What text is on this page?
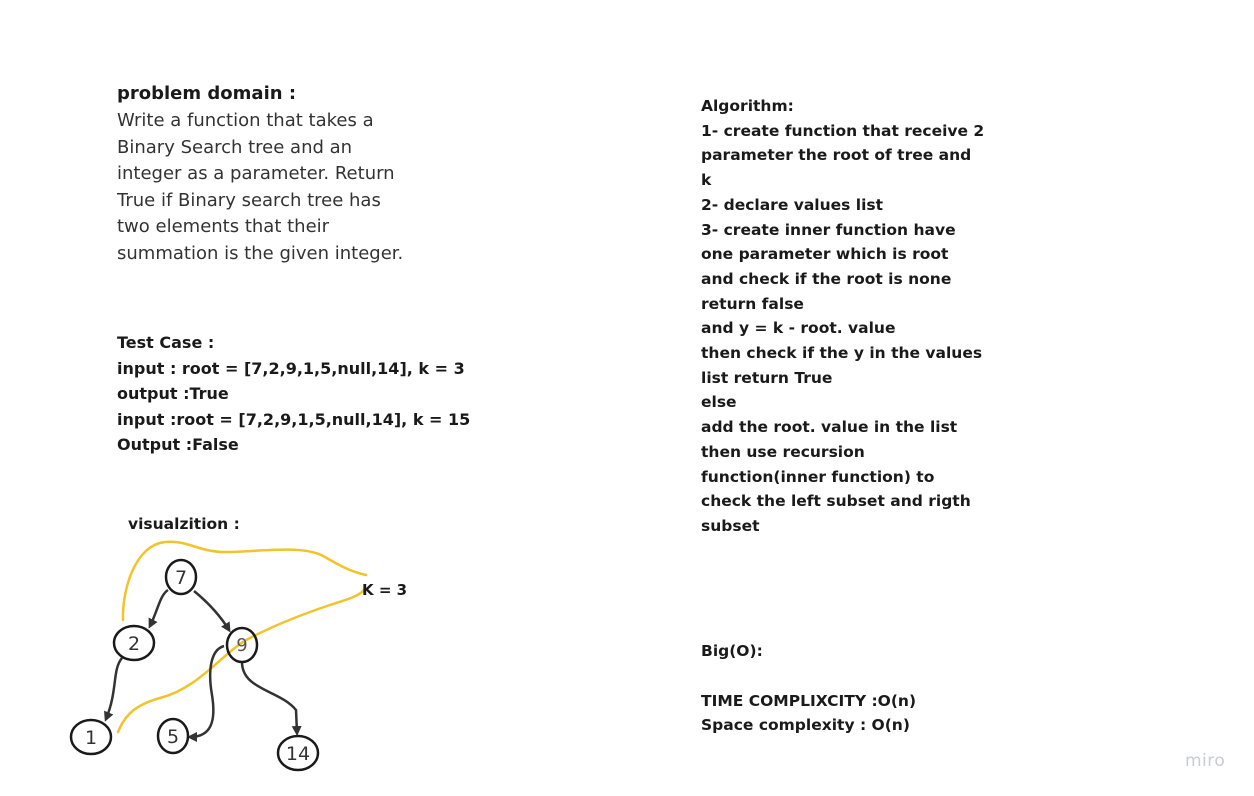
problem domain :
Write a function that takes a
Binary Search tree and an
integer as a parameter. Return
True if Binary search tree has
two elements that their
summation is the given integer.
Test Case :
input : root = [7,2,9,1,5,null,14], k = 3
output :True
input :root = [7,2,9,1,5,null,14], k = 15
Output :False
visualzition :
7
2	9
1	5
14
K = 3
Algorithm:
1- create function that receive 2
parameter the root of tree and
k
2- declare values list
3- create inner function have
one parameter which is root
and check if the root is none
return false
and y = k - root. value
then check if the y in the values
list return True
else
add the root. value in the list
then use recursion
function(inner function) to
check the left subset and rigth
subset
Big(O):
TIME COMPLIXCITY :O(n)
Space complexity : O(n)
miro
